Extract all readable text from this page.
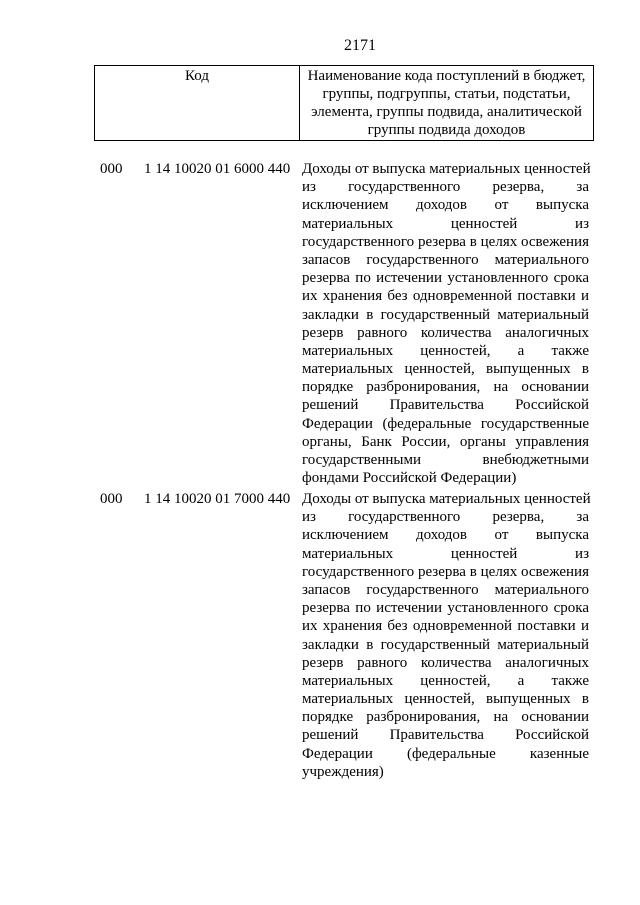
2171
Код	Наименование кода поступлений в бюджет,
группы, подгруппы, статьи, подстатьи,
элемента, группы подвида, аналитической
группы подвида доходов
000 1 14 10020 01 6000 440 Доходы от выпуска материальных ценностей
из государственного резерва, за
исключением доходов от выпуска
материальных ценностей из
государственного резерва в целях освежения
запасов государственного материального
резерва по истечении установленного срока
их хранения без одновременной поставки и
закладки в государственный материальный
резерв равного количества аналогичных
материальных ценностей, а также
материальных ценностей, выпущенных в
порядке разбронирования, на основании
решений Правительства Российской
Федерации (федеральные государственные
органы, Банк России, органы управления
государственными внебюджетными
фондами Российской Федерации)
000 1 14 10020 01 7000 440 Доходы от выпуска материальных ценностей
из государственного резерва, за
исключением доходов от выпуска
материальных ценностей из
государственного резерва в целях освежения
запасов государственного материального
резерва по истечении установленного срока
их хранения без одновременной поставки и
закладки в государственный материальный
резерв равного количества аналогичных
материальных ценностей, а также
материальных ценностей, выпущенных в
порядке разбронирования, на основании
решений Правительства Российской
Федерации (федеральные казенные
учреждения)
